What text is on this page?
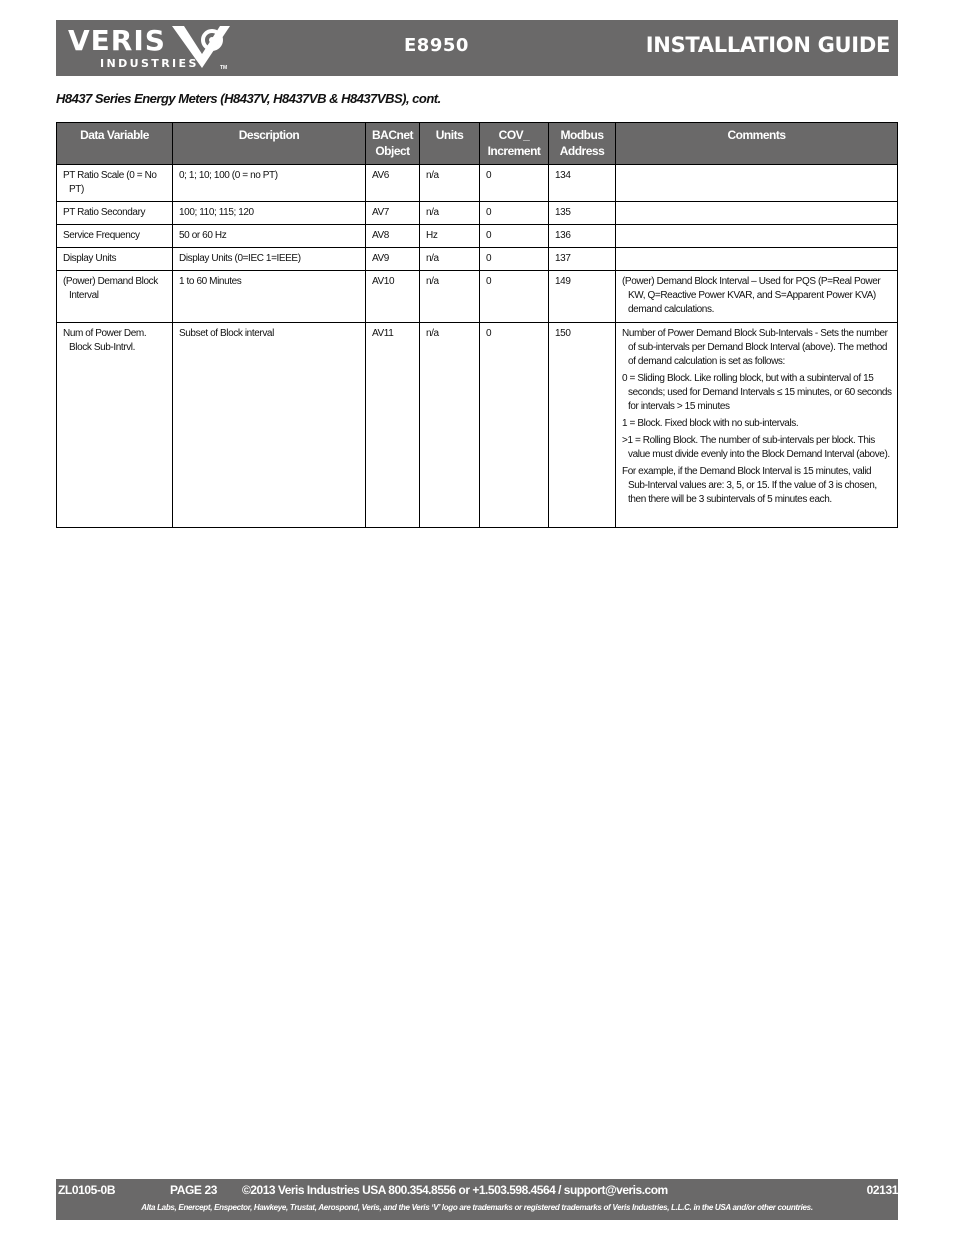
VERIS
INDUSTRIES	TM
E8950	INSTALLATION GUIDE
H8437 Series Energy Meters (H8437V, H8437VB & H8437VBS), cont.
Data Variable	Description	BACnet Object	Units	COV_ Increment	Modbus Address	Comments
PT Ratio Scale (0 = No PT)	0; 1; 10; 100 (0 = no PT)	AV6	n/a	0	134	
PT Ratio Secondary	100; 110; 115; 120	AV7	n/a	0	135	
Service Frequency	50 or 60 Hz	AV8	Hz	0	136	
Display Units	Display Units (0=IEC 1=IEEE)	AV9	n/a	0	137	
(Power) Demand Block Interval	1 to 60 Minutes	AV10	n/a	0	149	(Power) Demand Block Interval – Used for PQS (P=Real Power KW, Q=Reactive Power KVAR, and S=Apparent Power KVA) demand calculations.

Num of Power Dem. Block Sub-Intrvl.	Subset of Block interval	AV11	n/a	0	150	Number of Power Demand Block Sub-Intervals - Sets the number of sub-intervals per Demand Block Interval (above). The method of demand calculation is set as follows:

0 = Sliding Block. Like rolling block, but with a subinterval of 15 seconds; used for Demand Intervals ≤ 15 minutes, or 60 seconds for intervals > 15 minutes

1 = Block. Fixed block with no sub-intervals.

>1 = Rolling Block. The number of sub-intervals per block. This value must divide evenly into the Block Demand Interval (above).

For example, if the Demand Block Interval is 15 minutes, valid Sub-Interval values are: 3, 5, or 15. If the value of 3 is chosen, then there will be 3 subintervals of 5 minutes each.

ZL0105-0B	PAGE 23 ©2013 Veris Industries USA 800.354.8556 or +1.503.598.4564 / support@veris.com	02131
Alta Labs, Enercept, Enspector, Hawkeye, Trustat, Aerospond, Veris, and the Veris ‘V’ logo are trademarks or registered trademarks of Veris Industries, L.L.C. in the USA and/or other countries.
